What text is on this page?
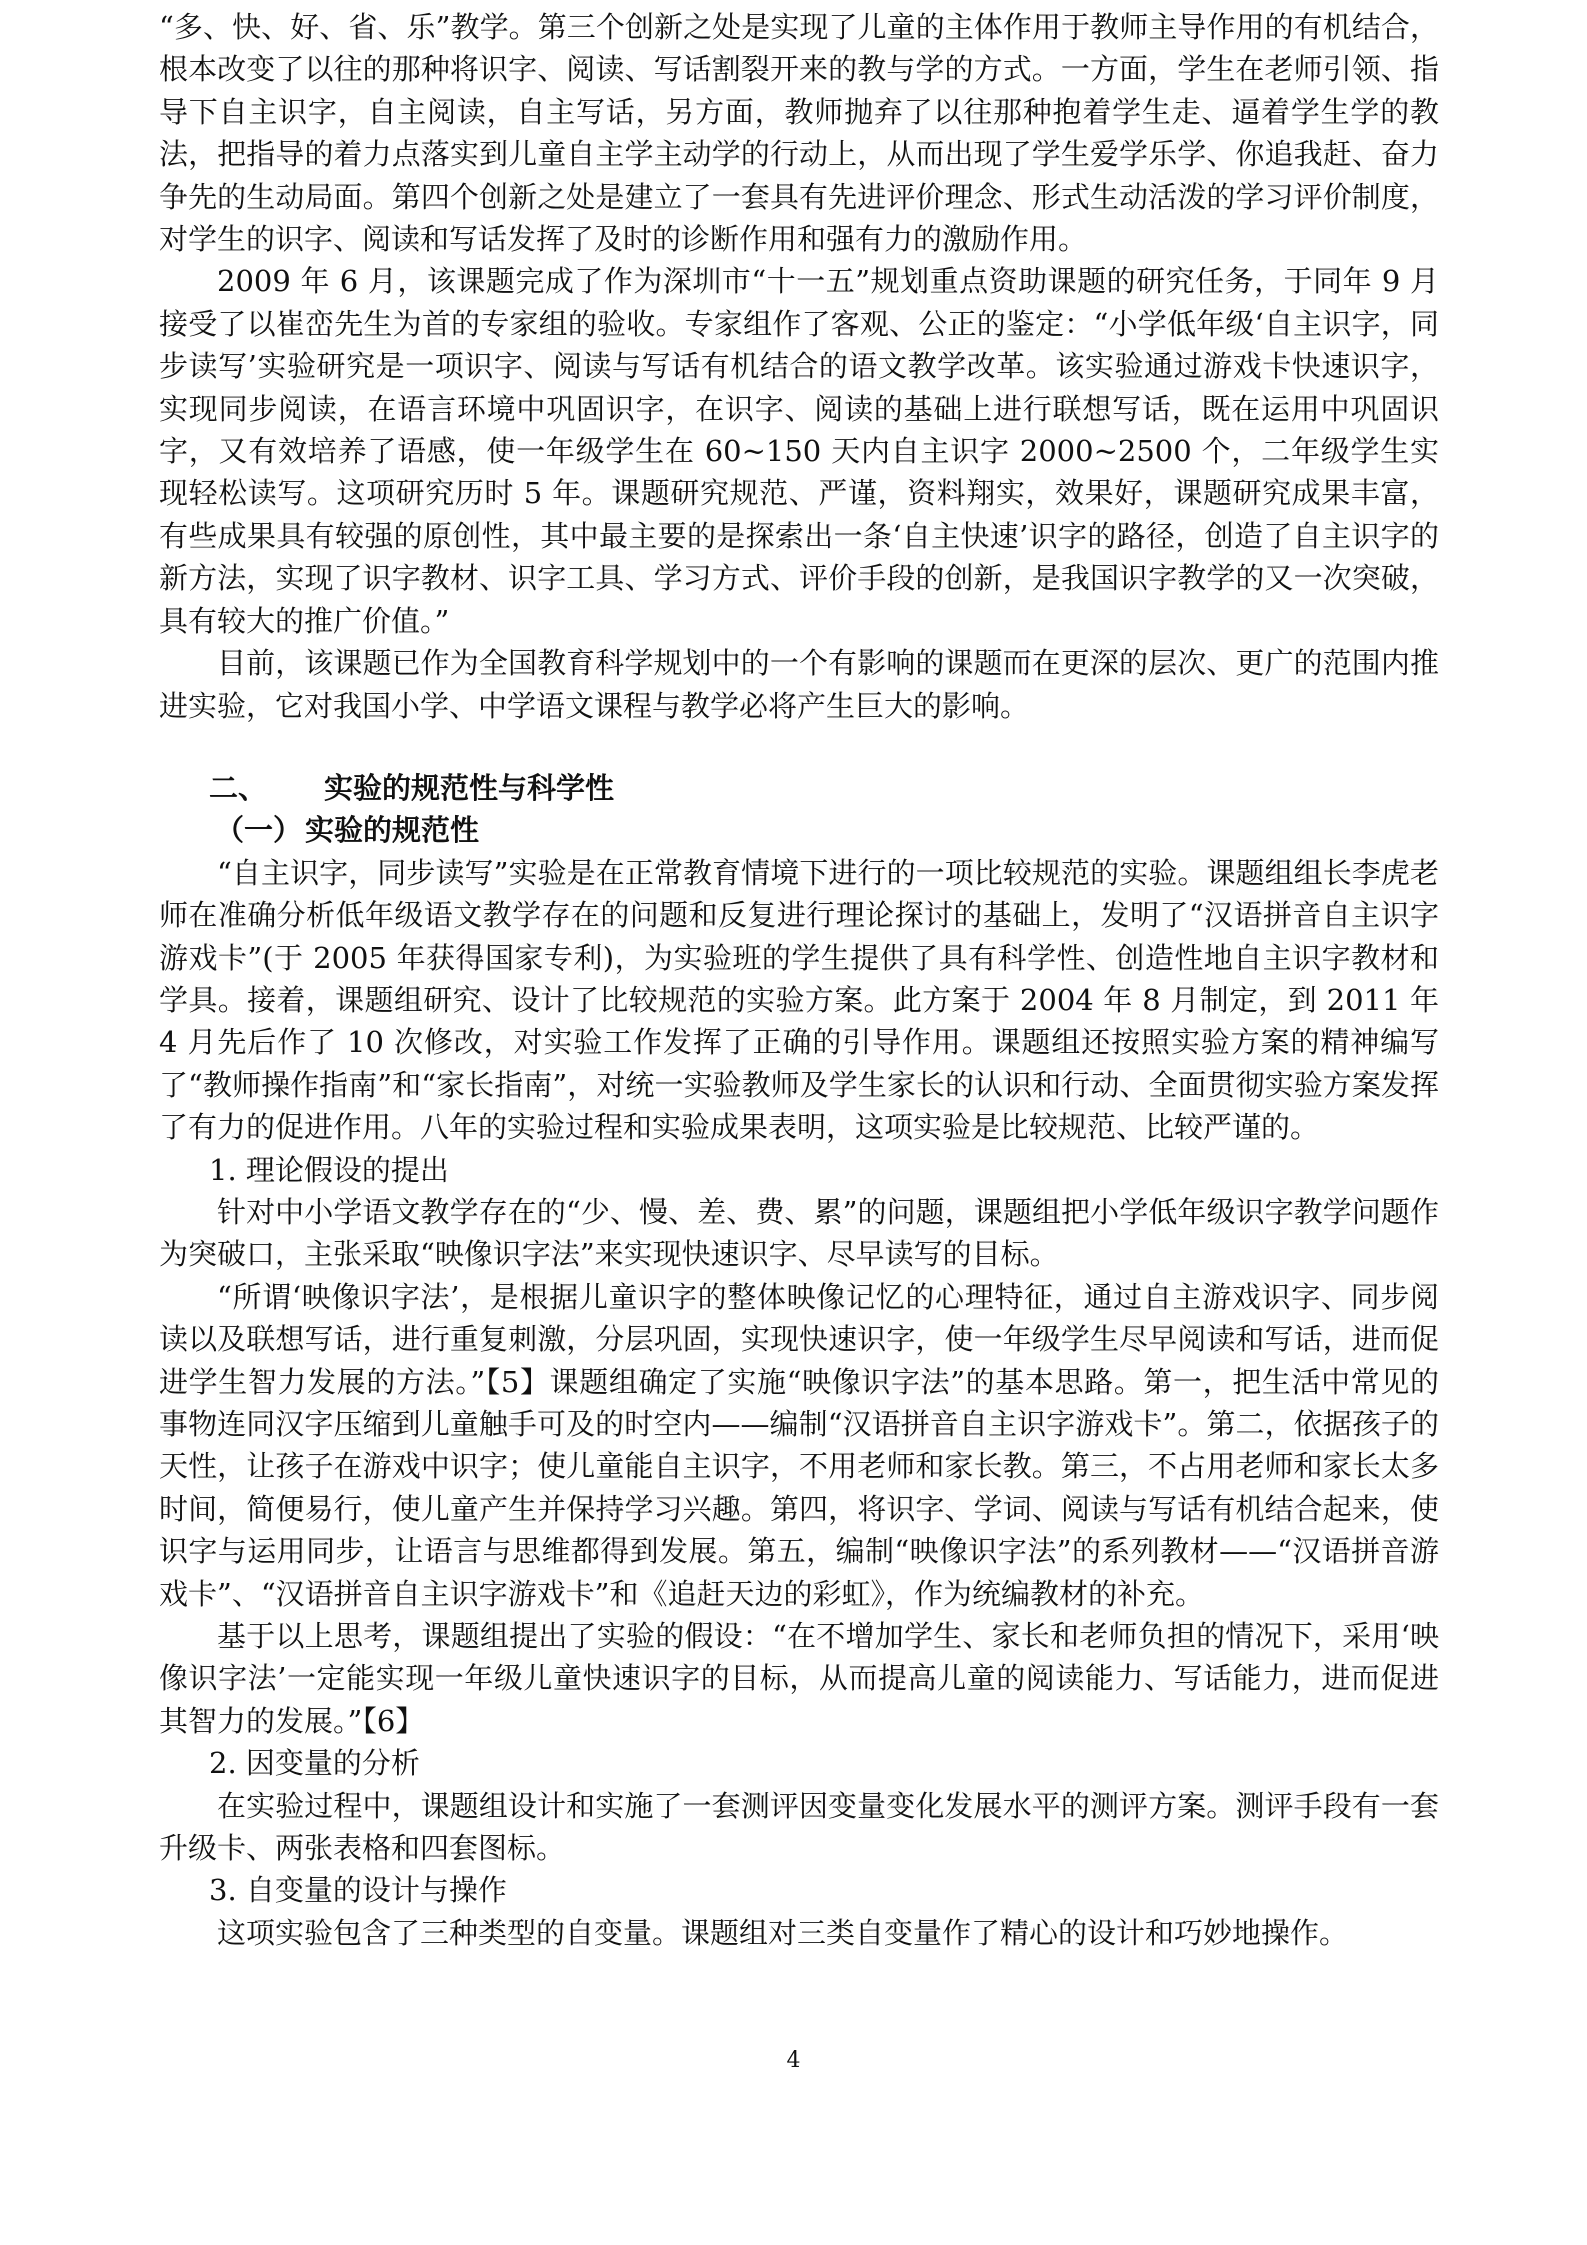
“多、快、好、省、乐”教学。第三个创新之处是实现了儿童的主体作用于教师主导作用的有机结合，根本改变了以往的那种将识字、阅读、写话割裂开来的教与学的方式。一方面，学生在老师引领、指导下自主识字，自主阅读，自主写话，另方面，教师抛弃了以往那种抱着学生走、逼着学生学的教法，把指导的着力点落实到儿童自主学主动学的行动上，从而出现了学生爱学乐学、你追我赶、奋力争先的生动局面。第四个创新之处是建立了一套具有先进评价理念、形式生动活泼的学习评价制度，对学生的识字、阅读和写话发挥了及时的诊断作用和强有力的激励作用。

2009 年 6 月，该课题完成了作为深圳市“十一五”规划重点资助课题的研究任务，于同年 9 月接受了以崔峦先生为首的专家组的验收。专家组作了客观、公正的鉴定：“小学低年级‘自主识字，同步读写’实验研究是一项识字、阅读与写话有机结合的语文教学改革。该实验通过游戏卡快速识字，实现同步阅读，在语言环境中巩固识字，在识字、阅读的基础上进行联想写话，既在运用中巩固识字，又有效培养了语感，使一年级学生在 60~150 天内自主识字 2000~2500 个，二年级学生实现轻松读写。这项研究历时 5 年。课题研究规范、严谨，资料翔实，效果好，课题研究成果丰富，有些成果具有较强的原创性，其中最主要的是探索出一条‘自主快速’识字的路径，创造了自主识字的新方法，实现了识字教材、识字工具、学习方式、评价手段的创新，是我国识字教学的又一次突破，具有较大的推广价值。”

目前，该课题已作为全国教育科学规划中的一个有影响的课题而在更深的层次、更广的范围内推进实验，它对我国小学、中学语文课程与教学必将产生巨大的影响。

二、 实验的规范性与科学性

（一） 实验的规范性

“自主识字，同步读写”实验是在正常教育情境下进行的一项比较规范的实验。课题组组长李虎老师在准确分析低年级语文教学存在的问题和反复进行理论探讨的基础上，发明了“汉语拼音自主识字游戏卡”(于 2005 年获得国家专利)，为实验班的学生提供了具有科学性、创造性地自主识字教材和学具。接着，课题组研究、设计了比较规范的实验方案。此方案于 2004 年 8 月制定，到 2011 年 4 月先后作了 10 次修改，对实验工作发挥了正确的引导作用。课题组还按照实验方案的精神编写了“教师操作指南”和“家长指南”，对统一实验教师及学生家长的认识和行动、全面贯彻实验方案发挥了有力的促进作用。八年的实验过程和实验成果表明，这项实验是比较规范、比较严谨的。

1. 理论假设的提出

针对中小学语文教学存在的“少、慢、差、费、累”的问题，课题组把小学低年级识字教学问题作为突破口，主张采取“映像识字法”来实现快速识字、尽早读写的目标。

“所谓‘映像识字法’，是根据儿童识字的整体映像记忆的心理特征，通过自主游戏识字、同步阅读以及联想写话，进行重复刺激，分层巩固，实现快速识字，使一年级学生尽早阅读和写话，进而促进学生智力发展的方法。”【5】课题组确定了实施“映像识字法”的基本思路。第一，把生活中常见的事物连同汉字压缩到儿童触手可及的时空内——编制“汉语拼音自主识字游戏卡”。第二，依据孩子的天性，让孩子在游戏中识字；使儿童能自主识字，不用老师和家长教。第三，不占用老师和家长太多时间，简便易行，使儿童产生并保持学习兴趣。第四，将识字、学词、阅读与写话有机结合起来，使识字与运用同步，让语言与思维都得到发展。第五，编制“映像识字法”的系列教材——“汉语拼音游戏卡”、“汉语拼音自主识字游戏卡”和《追赶天边的彩虹》，作为统编教材的补充。

基于以上思考，课题组提出了实验的假设：“在不增加学生、家长和老师负担的情况下，采用‘映像识字法’一定能实现一年级儿童快速识字的目标，从而提高儿童的阅读能力、写话能力，进而促进其智力的发展。”【6】

2. 因变量的分析

在实验过程中，课题组设计和实施了一套测评因变量变化发展水平的测评方案。测评手段有一套升级卡、两张表格和四套图标。

3. 自变量的设计与操作

这项实验包含了三种类型的自变量。课题组对三类自变量作了精心的设计和巧妙地操作。

4
